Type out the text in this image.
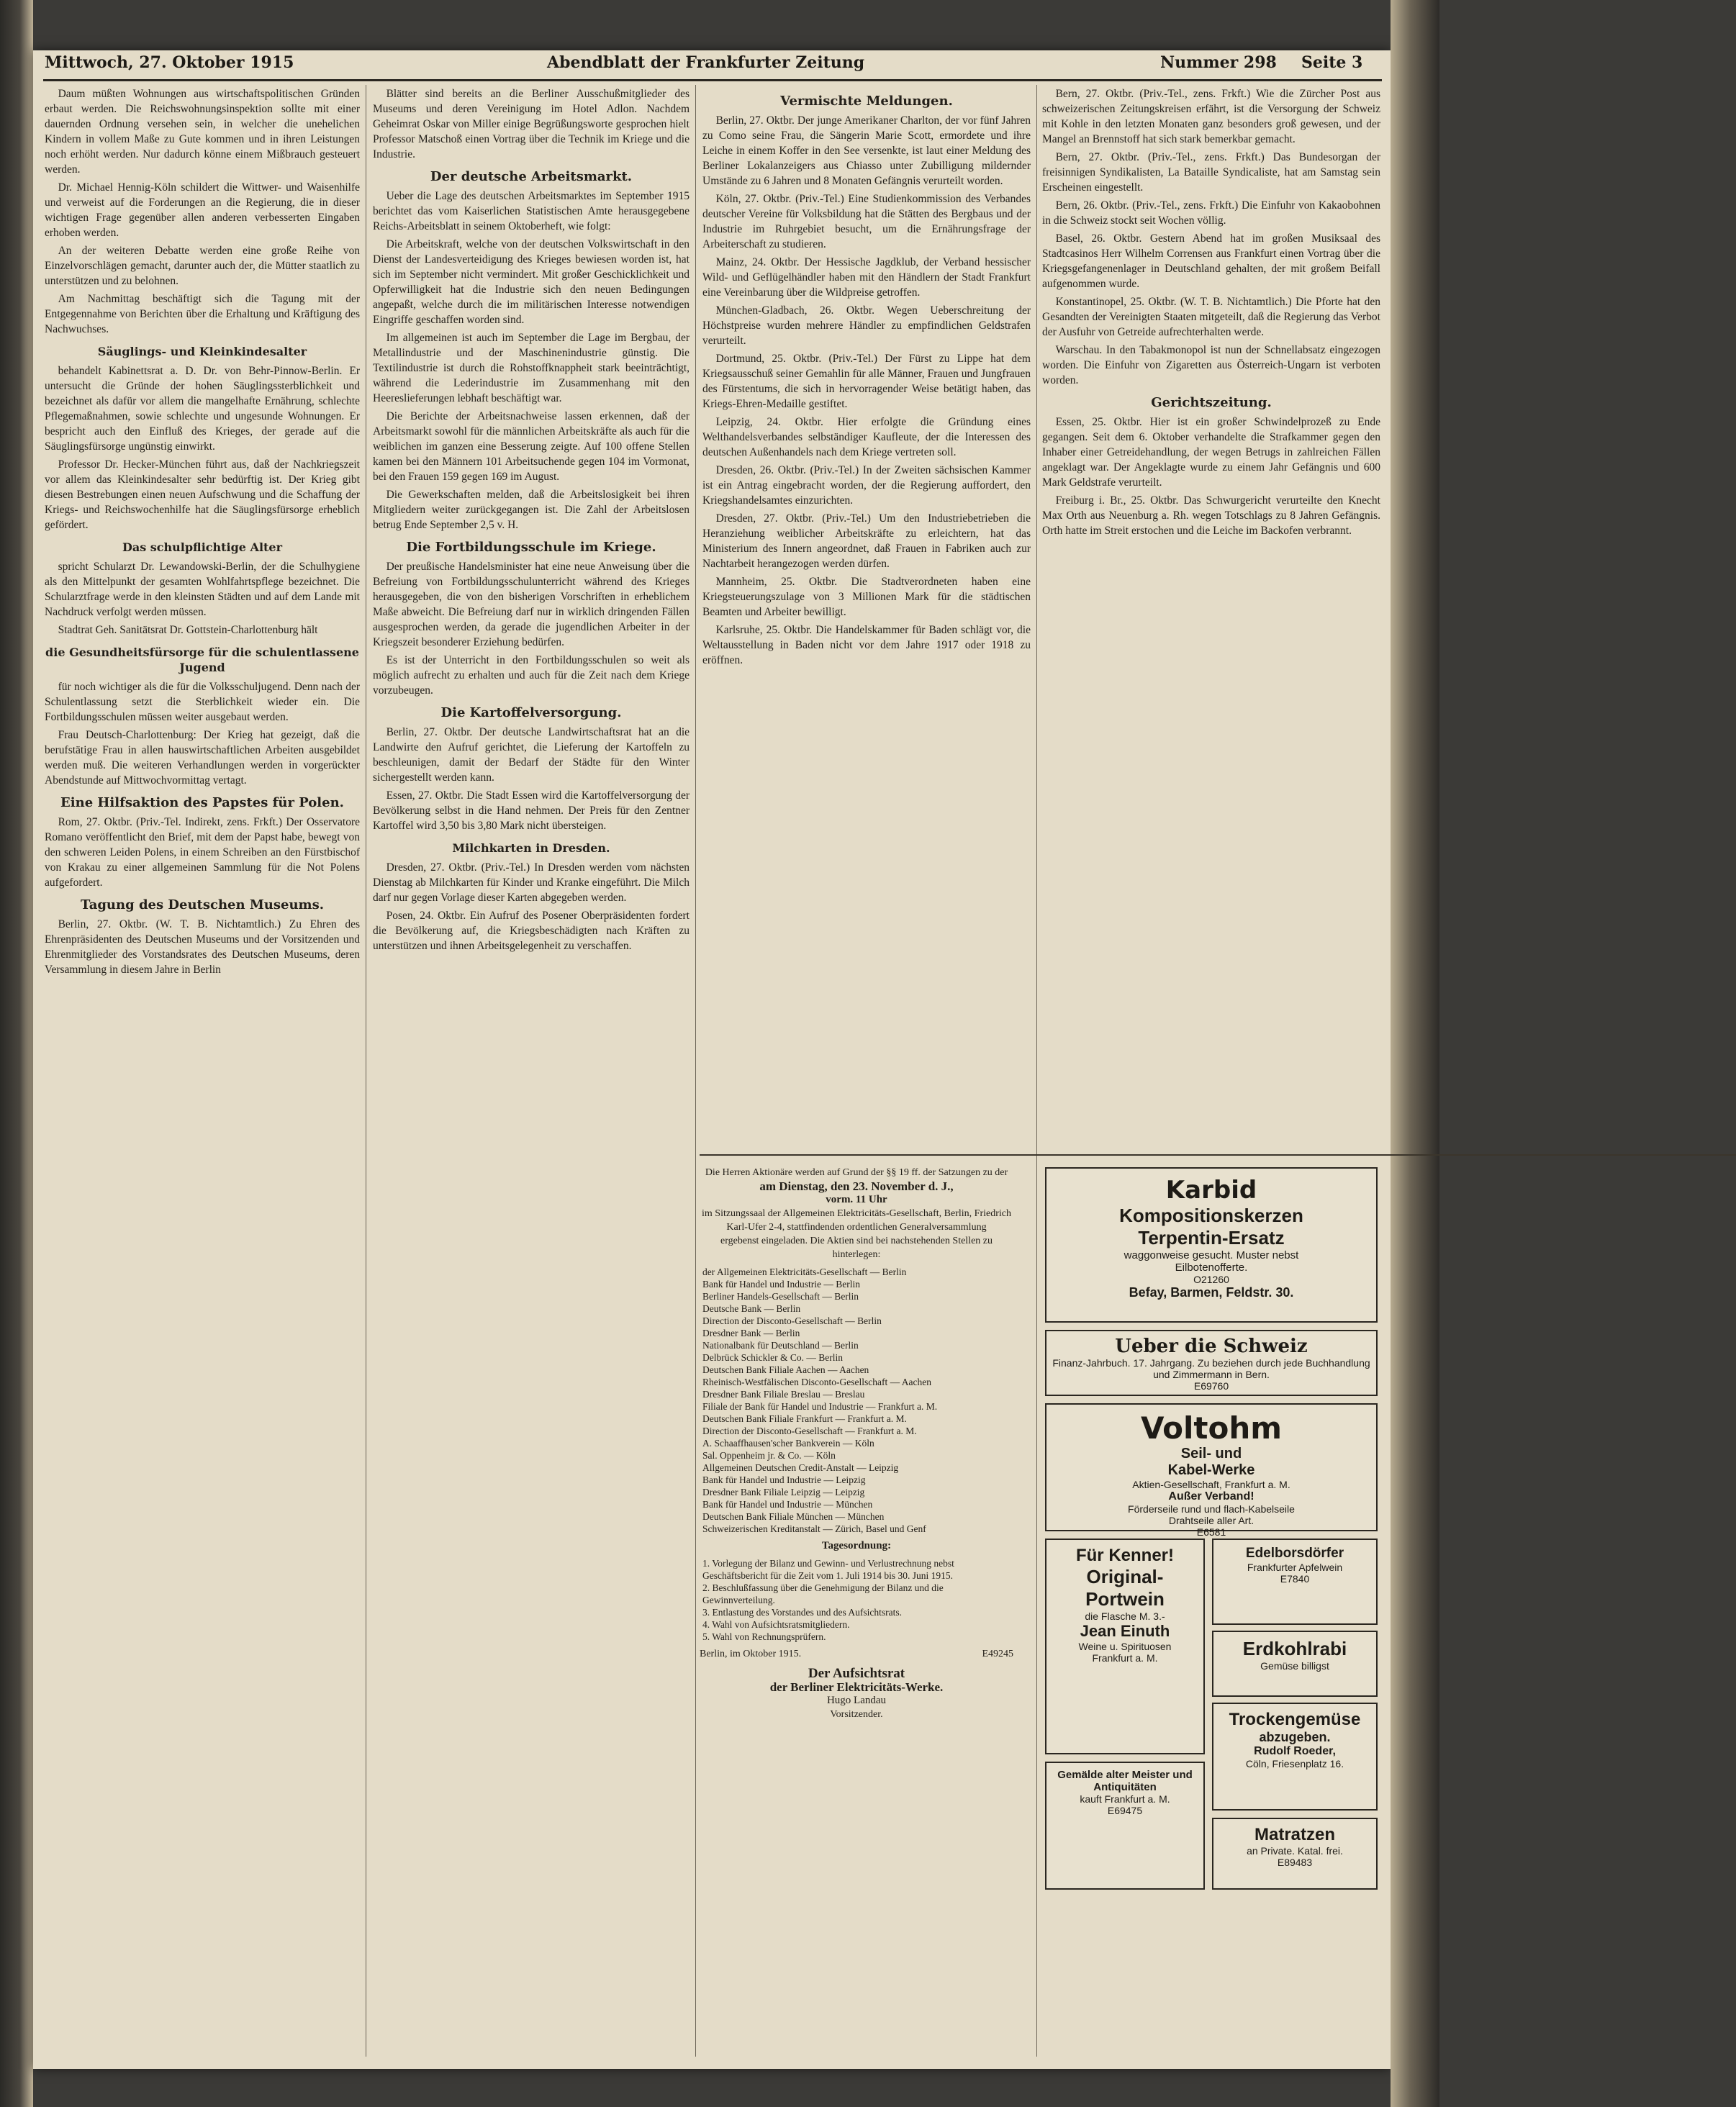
Mittwoch, 27. Oktober 1915	Abendblatt der Frankfurter Zeitung	Nummer 298 Seite 3

Daum müßten Wohnungen aus wirtschaftspolitischen Gründen erbaut werden. Die Reichswohnungsinspektion sollte mit einer dauernden Ordnung versehen sein, in welcher die unehelichen Kindern in vollem Maße zu Gute kommen und in ihren Leistungen noch erhöht werden. Nur dadurch könne einem Mißbrauch gesteuert werden.

Dr. Michael Hennig-Köln schildert die Wittwer- und Waisenhilfe und verweist auf die Forderungen an die Regierung, die in dieser wichtigen Frage gegenüber allen anderen verbesserten Eingaben erhoben werden.

An der weiteren Debatte werden eine große Reihe von Einzelvorschlägen gemacht, darunter auch der, die Mütter staatlich zu unterstützen und zu belohnen.

Am Nachmittag beschäftigt sich die Tagung mit der Entgegennahme von Berichten über die Erhaltung und Kräftigung des Nachwuchses.

Säuglings- und Kleinkindesalter

behandelt Kabinettsrat a. D. Dr. von Behr-Pinnow-Berlin. Er untersucht die Gründe der hohen Säuglingssterblichkeit und bezeichnet als dafür vor allem die mangelhafte Ernährung, schlechte Pflegemaßnahmen, sowie schlechte und ungesunde Wohnungen. Er bespricht auch den Einfluß des Krieges, der gerade auf die Säuglingsfürsorge ungünstig einwirkt.

Professor Dr. Hecker-München führt aus, daß der Nachkriegszeit vor allem das Kleinkindesalter sehr bedürftig ist. Der Krieg gibt diesen Bestrebungen einen neuen Aufschwung und die Schaffung der Kriegs- und Reichswochenhilfe hat die Säuglingsfürsorge erheblich gefördert.

Das schulpflichtige Alter

spricht Schularzt Dr. Lewandowski-Berlin, der die Schulhygiene als den Mittelpunkt der gesamten Wohlfahrtspflege bezeichnet. Die Schularztfrage werde in den kleinsten Städten und auf dem Lande mit Nachdruck verfolgt werden müssen.

Stadtrat Geh. Sanitätsrat Dr. Gottstein-Charlottenburg hält

die Gesundheitsfürsorge für die schulentlassene Jugend

für noch wichtiger als die für die Volksschuljugend. Denn nach der Schulentlassung setzt die Sterblichkeit wieder ein. Die Fortbildungsschulen müssen weiter ausgebaut werden.

Frau Deutsch-Charlottenburg: Der Krieg hat gezeigt, daß die berufstätige Frau in allen hauswirtschaftlichen Arbeiten ausgebildet werden muß. Die weiteren Verhandlungen werden in vorgerückter Abendstunde auf Mittwochvormittag vertagt.

Eine Hilfsaktion des Papstes für Polen.

Rom, 27. Oktbr. (Priv.-Tel. Indirekt, zens. Frkft.) Der Osservatore Romano veröffentlicht den Brief, mit dem der Papst habe, bewegt von den schweren Leiden Polens, in einem Schreiben an den Fürstbischof von Krakau zu einer allgemeinen Sammlung für die Not Polens aufgefordert.

Tagung des Deutschen Museums.

Berlin, 27. Oktbr. (W. T. B. Nichtamtlich.) Zu Ehren des Ehrenpräsidenten des Deutschen Museums und der Vorsitzenden und Ehrenmitglieder des Vorstandsrates des Deutschen Museums, deren Versammlung in diesem Jahre in Berlin

Blätter sind bereits an die Berliner Ausschußmitglieder des Museums und deren Vereinigung im Hotel Adlon. Nachdem Geheimrat Oskar von Miller einige Begrüßungsworte gesprochen hielt Professor Matschoß einen Vortrag über die Technik im Kriege und die Industrie.

Der deutsche Arbeitsmarkt.

Ueber die Lage des deutschen Arbeitsmarktes im September 1915 berichtet das vom Kaiserlichen Statistischen Amte herausgegebene Reichs-Arbeitsblatt in seinem Oktoberheft, wie folgt:

Die Arbeitskraft, welche von der deutschen Volkswirtschaft in den Dienst der Landesverteidigung des Krieges bewiesen worden ist, hat sich im September nicht vermindert. Mit großer Geschicklichkeit und Opferwilligkeit hat die Industrie sich den neuen Bedingungen angepaßt, welche durch die im militärischen Interesse notwendigen Eingriffe geschaffen worden sind.

Im allgemeinen ist auch im September die Lage im Bergbau, der Metallindustrie und der Maschinenindustrie günstig. Die Textilindustrie ist durch die Rohstoffknappheit stark beeinträchtigt, während die Lederindustrie im Zusammenhang mit den Heereslieferungen lebhaft beschäftigt war.

Die Berichte der Arbeitsnachweise lassen erkennen, daß der Arbeitsmarkt sowohl für die männlichen Arbeitskräfte als auch für die weiblichen im ganzen eine Besserung zeigte. Auf 100 offene Stellen kamen bei den Männern 101 Arbeitsuchende gegen 104 im Vormonat, bei den Frauen 159 gegen 169 im August.

Die Gewerkschaften melden, daß die Arbeitslosigkeit bei ihren Mitgliedern weiter zurückgegangen ist. Die Zahl der Arbeitslosen betrug Ende September 2,5 v. H.

Die Fortbildungsschule im Kriege.

Der preußische Handelsminister hat eine neue Anweisung über die Befreiung von Fortbildungsschulunterricht während des Krieges herausgegeben, die von den bisherigen Vorschriften in erheblichem Maße abweicht. Die Befreiung darf nur in wirklich dringenden Fällen ausgesprochen werden, da gerade die jugendlichen Arbeiter in der Kriegszeit besonderer Erziehung bedürfen.

Es ist der Unterricht in den Fortbildungsschulen so weit als möglich aufrecht zu erhalten und auch für die Zeit nach dem Kriege vorzubeugen.

Die Kartoffelversorgung.

Berlin, 27. Oktbr. Der deutsche Landwirtschaftsrat hat an die Landwirte den Aufruf gerichtet, die Lieferung der Kartoffeln zu beschleunigen, damit der Bedarf der Städte für den Winter sichergestellt werden kann.

Essen, 27. Oktbr. Die Stadt Essen wird die Kartoffelversorgung der Bevölkerung selbst in die Hand nehmen. Der Preis für den Zentner Kartoffel wird 3,50 bis 3,80 Mark nicht übersteigen.

Milchkarten in Dresden.

Dresden, 27. Oktbr. (Priv.-Tel.) In Dresden werden vom nächsten Dienstag ab Milchkarten für Kinder und Kranke eingeführt. Die Milch darf nur gegen Vorlage dieser Karten abgegeben werden.

Posen, 24. Oktbr. Ein Aufruf des Posener Oberpräsidenten fordert die Bevölkerung auf, die Kriegsbeschädigten nach Kräften zu unterstützen und ihnen Arbeitsgelegenheit zu verschaffen.

Vermischte Meldungen.

Berlin, 27. Oktbr. Der junge Amerikaner Charlton, der vor fünf Jahren zu Como seine Frau, die Sängerin Marie Scott, ermordete und ihre Leiche in einem Koffer in den See versenkte, ist laut einer Meldung des Berliner Lokalanzeigers aus Chiasso unter Zubilligung mildernder Umstände zu 6 Jahren und 8 Monaten Gefängnis verurteilt worden.

Köln, 27. Oktbr. (Priv.-Tel.) Eine Studienkommission des Verbandes deutscher Vereine für Volksbildung hat die Stätten des Bergbaus und der Industrie im Ruhrgebiet besucht, um die Ernährungsfrage der Arbeiterschaft zu studieren.

Mainz, 24. Oktbr. Der Hessische Jagdklub, der Verband hessischer Wild- und Geflügelhändler haben mit den Händlern der Stadt Frankfurt eine Vereinbarung über die Wildpreise getroffen.

München-Gladbach, 26. Oktbr. Wegen Ueberschreitung der Höchstpreise wurden mehrere Händler zu empfindlichen Geldstrafen verurteilt.

Dortmund, 25. Oktbr. (Priv.-Tel.) Der Fürst zu Lippe hat dem Kriegsausschuß seiner Gemahlin für alle Männer, Frauen und Jungfrauen des Fürstentums, die sich in hervorragender Weise betätigt haben, das Kriegs-Ehren-Medaille gestiftet.

Leipzig, 24. Oktbr. Hier erfolgte die Gründung eines Welthandelsverbandes selbständiger Kaufleute, der die Interessen des deutschen Außenhandels nach dem Kriege vertreten soll.

Dresden, 26. Oktbr. (Priv.-Tel.) In der Zweiten sächsischen Kammer ist ein Antrag eingebracht worden, der die Regierung auffordert, den Kriegshandelsamtes einzurichten.

Dresden, 27. Oktbr. (Priv.-Tel.) Um den Industriebetrieben die Heranziehung weiblicher Arbeitskräfte zu erleichtern, hat das Ministerium des Innern angeordnet, daß Frauen in Fabriken auch zur Nachtarbeit herangezogen werden dürfen.

Mannheim, 25. Oktbr. Die Stadtverordneten haben eine Kriegsteuerungszulage von 3 Millionen Mark für die städtischen Beamten und Arbeiter bewilligt.

Karlsruhe, 25. Oktbr. Die Handelskammer für Baden schlägt vor, die Weltausstellung in Baden nicht vor dem Jahre 1917 oder 1918 zu eröffnen.

Bern, 27. Oktbr. (Priv.-Tel., zens. Frkft.) Wie die Zürcher Post aus schweizerischen Zeitungskreisen erfährt, ist die Versorgung der Schweiz mit Kohle in den letzten Monaten ganz besonders groß gewesen, und der Mangel an Brennstoff hat sich stark bemerkbar gemacht.

Bern, 27. Oktbr. (Priv.-Tel., zens. Frkft.) Das Bundesorgan der freisinnigen Syndikalisten, La Bataille Syndicaliste, hat am Samstag sein Erscheinen eingestellt.

Bern, 26. Oktbr. (Priv.-Tel., zens. Frkft.) Die Einfuhr von Kakaobohnen in die Schweiz stockt seit Wochen völlig.

Basel, 26. Oktbr. Gestern Abend hat im großen Musiksaal des Stadtcasinos Herr Wilhelm Corrensen aus Frankfurt einen Vortrag über die Kriegsgefangenenlager in Deutschland gehalten, der mit großem Beifall aufgenommen wurde.

Konstantinopel, 25. Oktbr. (W. T. B. Nichtamtlich.) Die Pforte hat den Gesandten der Vereinigten Staaten mitgeteilt, daß die Regierung das Verbot der Ausfuhr von Getreide aufrechterhalten werde.

Warschau. In den Tabakmonopol ist nun der Schnellabsatz eingezogen worden. Die Einfuhr von Zigaretten aus Österreich-Ungarn ist verboten worden.

Gerichtszeitung.

Essen, 25. Oktbr. Hier ist ein großer Schwindelprozeß zu Ende gegangen. Seit dem 6. Oktober verhandelte die Strafkammer gegen den Inhaber einer Getreidehandlung, der wegen Betrugs in zahlreichen Fällen angeklagt war. Der Angeklagte wurde zu einem Jahr Gefängnis und 600 Mark Geldstrafe verurteilt.

Freiburg i. Br., 25. Oktbr. Das Schwurgericht verurteilte den Knecht Max Orth aus Neuenburg a. Rh. wegen Totschlags zu 8 Jahren Gefängnis. Orth hatte im Streit erstochen und die Leiche im Backofen verbrannt.

Die Herren Aktionäre werden auf Grund der §§ 19 ff. der Satzungen zu der
am Dienstag, den 23. November d. J.,
vorm. 11 Uhr
im Sitzungssaal der Allgemeinen Elektricitäts-Gesellschaft, Berlin, Friedrich Karl-Ufer 2-4, stattfindenden ordentlichen Generalversammlung
ergebenst eingeladen. Die Aktien sind bei nachstehenden Stellen zu hinterlegen:
der Allgemeinen Elektricitäts-Gesellschaft — Berlin
Bank für Handel und Industrie — Berlin
Berliner Handels-Gesellschaft — Berlin
Deutsche Bank — Berlin
Direction der Disconto-Gesellschaft — Berlin
Dresdner Bank — Berlin
Nationalbank für Deutschland — Berlin
Delbrück Schickler & Co. — Berlin
Deutschen Bank Filiale Aachen — Aachen
Rheinisch-Westfälischen Disconto-Gesellschaft — Aachen
Dresdner Bank Filiale Breslau — Breslau
Filiale der Bank für Handel und Industrie — Frankfurt a. M.
Deutschen Bank Filiale Frankfurt — Frankfurt a. M.
Direction der Disconto-Gesellschaft — Frankfurt a. M.
A. Schaaffhausen'scher Bankverein — Köln
Sal. Oppenheim jr. & Co. — Köln
Allgemeinen Deutschen Credit-Anstalt — Leipzig
Bank für Handel und Industrie — Leipzig
Dresdner Bank Filiale Leipzig — Leipzig
Bank für Handel und Industrie — München
Deutschen Bank Filiale München — München
Schweizerischen Kreditanstalt — Zürich, Basel und Genf
Tagesordnung:
1. Vorlegung der Bilanz und Gewinn- und Verlustrechnung nebst Geschäftsbericht für die Zeit vom 1. Juli 1914 bis 30. Juni 1915.
2. Beschlußfassung über die Genehmigung der Bilanz und die Gewinnverteilung.
3. Entlastung des Vorstandes und des Aufsichtsrats.
4. Wahl von Aufsichtsratsmitgliedern.
5. Wahl von Rechnungsprüfern.
Berlin, im Oktober 1915.	E49245
Der Aufsichtsrat
der Berliner Elektricitäts-Werke.
Hugo Landau
Vorsitzender.
Karbid
Kompositionskerzen
Terpentin-Ersatz
waggonweise gesucht. Muster nebst
Eilbotenofferte.
O21260
Befay, Barmen, Feldstr. 30.
Ueber die Schweiz
Finanz-Jahrbuch. 17. Jahrgang. Zu beziehen durch jede Buchhandlung und Zimmermann in Bern.
E69760
Voltohm
Seil- und
Kabel-Werke
Aktien-Gesellschaft, Frankfurt a. M.
Außer Verband!
Förderseile rund und flach-Kabelseile
Drahtseile aller Art.
E6581
Für Kenner!
Original-
Portwein
die Flasche M. 3.-
Jean Einuth
Weine u. Spirituosen
Frankfurt a. M.
Edelborsdörfer
Frankfurter Apfelwein
E7840
Erdkohlrabi
Gemüse billigst
Trockengemüse
abzugeben.
Rudolf Roeder,
Cöln, Friesenplatz 16.
Gemälde alter Meister und Antiquitäten
kauft Frankfurt a. M.
E69475
Matratzen
an Private. Katal. frei.
E89483
